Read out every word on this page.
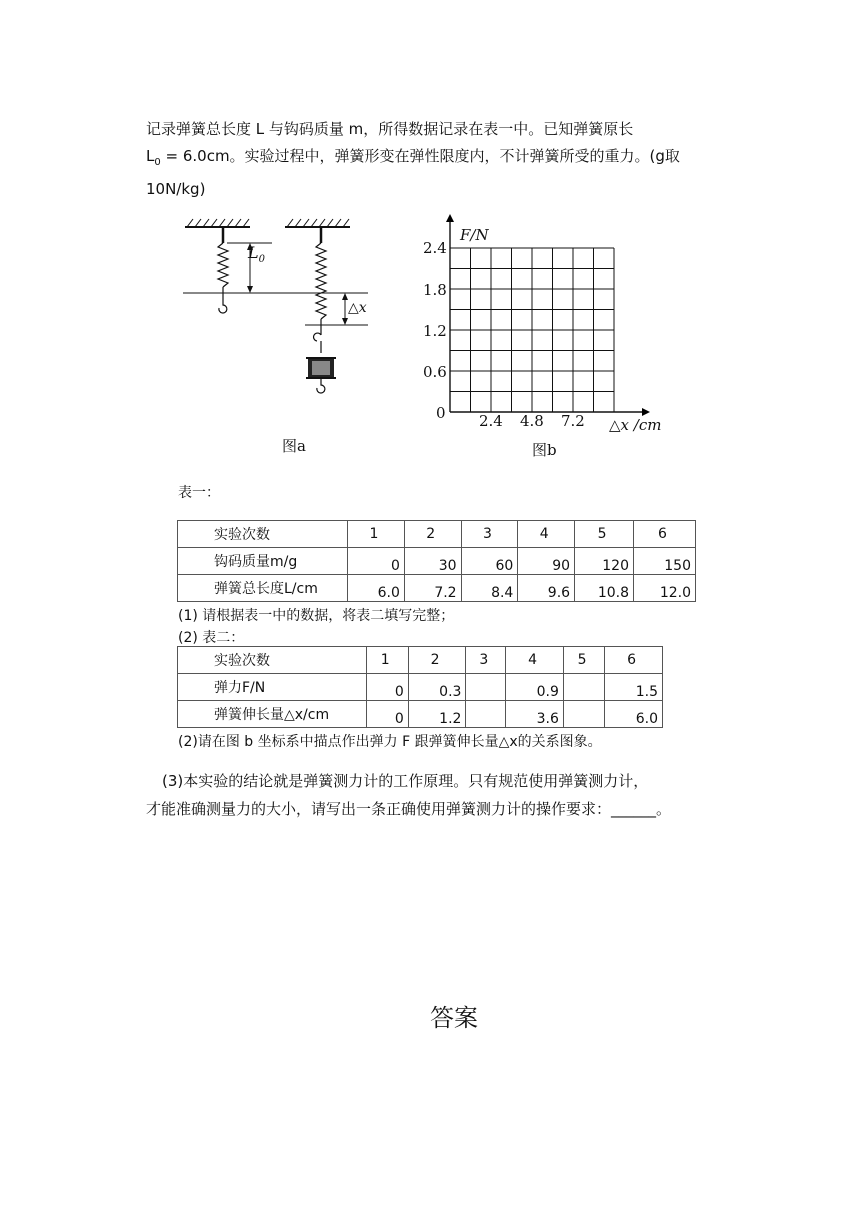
记录弹簧总长度 L 与钩码质量 m，所得数据记录在表一中。已知弹簧原长
$L_0 = 6.0cm$。实验过程中，弹簧形变在弹性限度内，不计弹簧所受的重力。(g取
10N/kg)
$L_0$
△x
图a
F/N
2.4
1.8
1.2
0.6
0 2.4 4.8 7.2 △x /cm
图b
表一：
实验次数	1	2	3	4	5	6
钩码质量m/g	0	30	60	90	120	150
弹簧总长度L/cm	6.0	7.2	8.4	9.6	10.8	12.0
(1) 请根据表一中的数据，将表二填写完整；
(2) 表二：
实验次数	1	2	3	4	5	6
弹力F/N	0	0.3		0.9		1.5
弹簧伸长量△x/cm	0	1.2		3.6		6.0
(2)请在图 b 坐标系中描点作出弹力 F 跟弹簧伸长量△x的关系图象。
(3)本实验的结论就是弹簧测力计的工作原理。只有规范使用弹簧测力计，
才能准确测量力的大小，请写出一条正确使用弹簧测力计的操作要求：______。
答案
